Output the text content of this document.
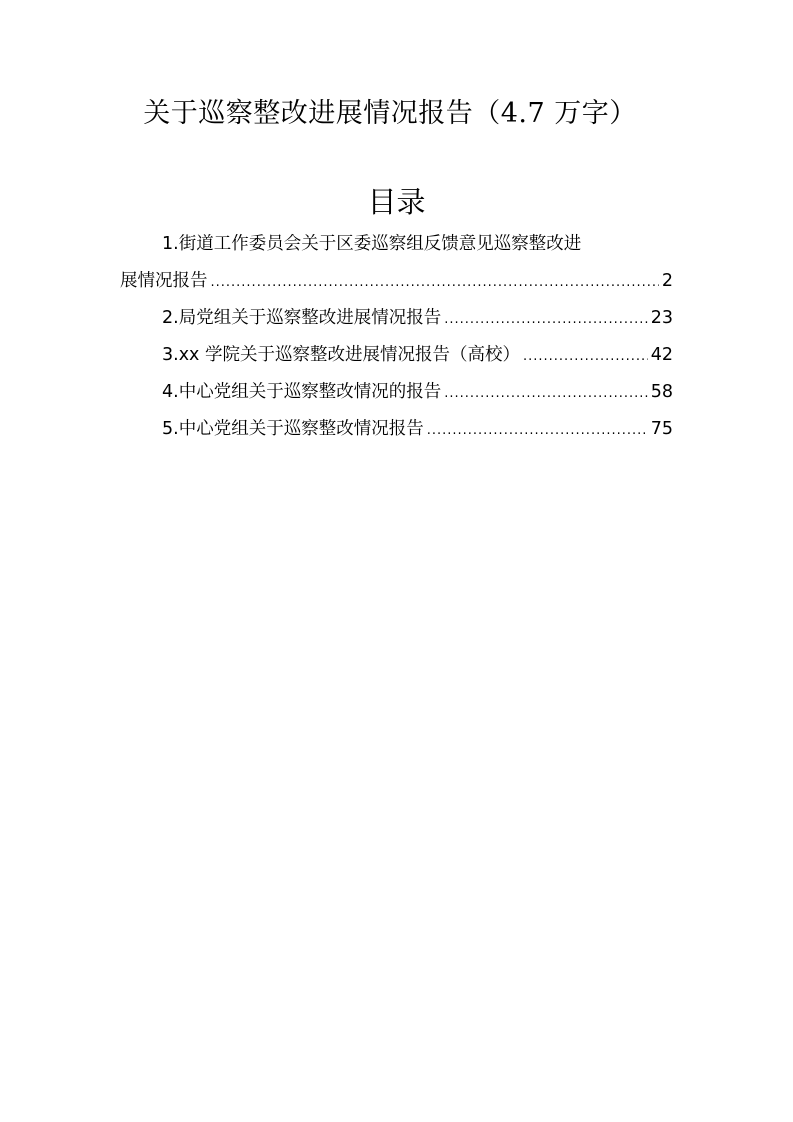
关于巡察整改进展情况报告（4.7 万字）
目录
1. 街道工作委员会关于区委巡察组反馈意见巡察整改进
展情况报告 .....	2
2. 局党组关于巡察整改进展情况报告 .....	23
3. xx 学院关于巡察整改进展情况报告（高校） .....	42
4. 中心党组关于巡察整改情况的报告 .....	58
5. 中心党组关于巡察整改情况报告 .....	75
